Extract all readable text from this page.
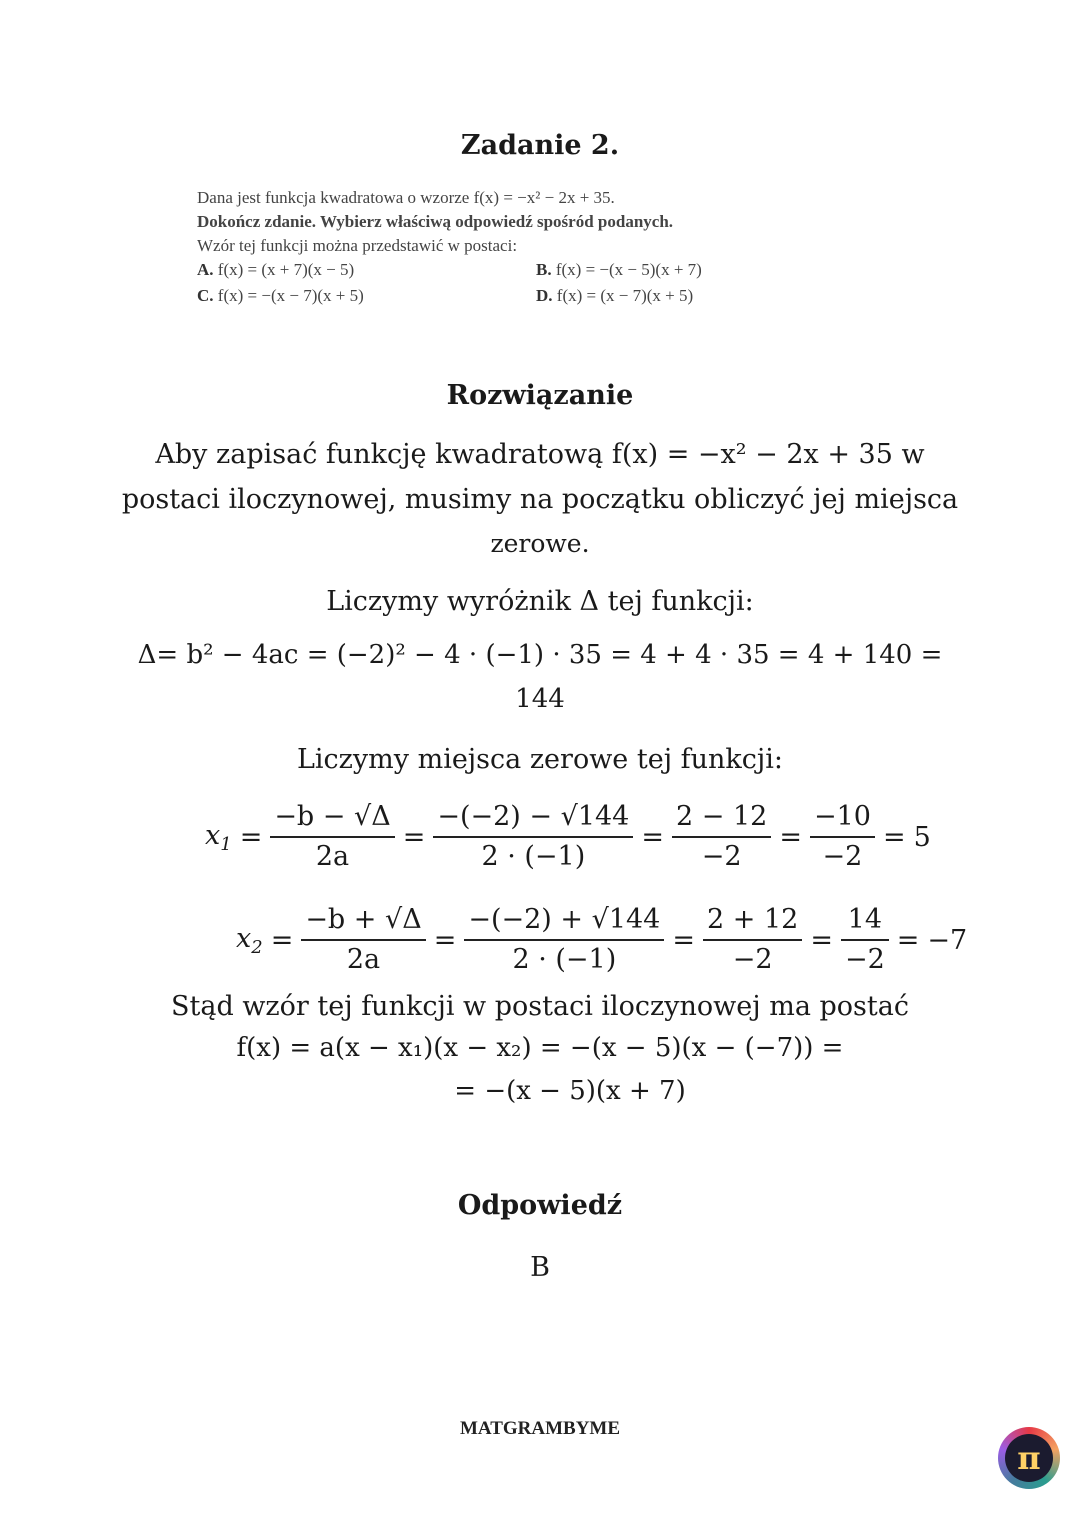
Zadanie 2.
Dana jest funkcja kwadratowa o wzorze f(x) = −x² − 2x + 35.
Dokończ zdanie. Wybierz właściwą odpowiedź spośród podanych.
Wzór tej funkcji można przedstawić w postaci:
A. f(x) = (x + 7)(x − 5)	B. f(x) = −(x − 5)(x + 7)
C. f(x) = −(x − 7)(x + 5)	D. f(x) = (x − 7)(x + 5)
Rozwiązanie
Aby zapisać funkcję kwadratową f(x) = −x² − 2x + 35 w
postaci iloczynowej, musimy na początku obliczyć jej miejsca
zerowe.
Liczymy wyróżnik Δ tej funkcji:
Δ= b² − 4ac = (−2)² − 4 · (−1) · 35 = 4 + 4 · 35 = 4 + 140 =
144
Liczymy miejsca zerowe tej funkcji:
$x_1 = \frac{-b - √\Delta}{2a} = \frac{-(-2) - √144}{2 \cdot (-1)} = \frac{2 - 12}{-2} = \frac{-10}{-2} = 5$
$x_2 = \frac{-b + √\Delta}{2a} = \frac{-(-2) + √144}{2 \cdot (-1)} = \frac{2 + 12}{-2} = \frac{14}{-2} = -7$
Stąd wzór tej funkcji w postaci iloczynowej ma postać
f(x) = a(x − x₁)(x − x₂) = −(x − 5)(x − (−7)) =
= −(x − 5)(x + 7)
Odpowiedź
B
MATGRAMBYME
π
